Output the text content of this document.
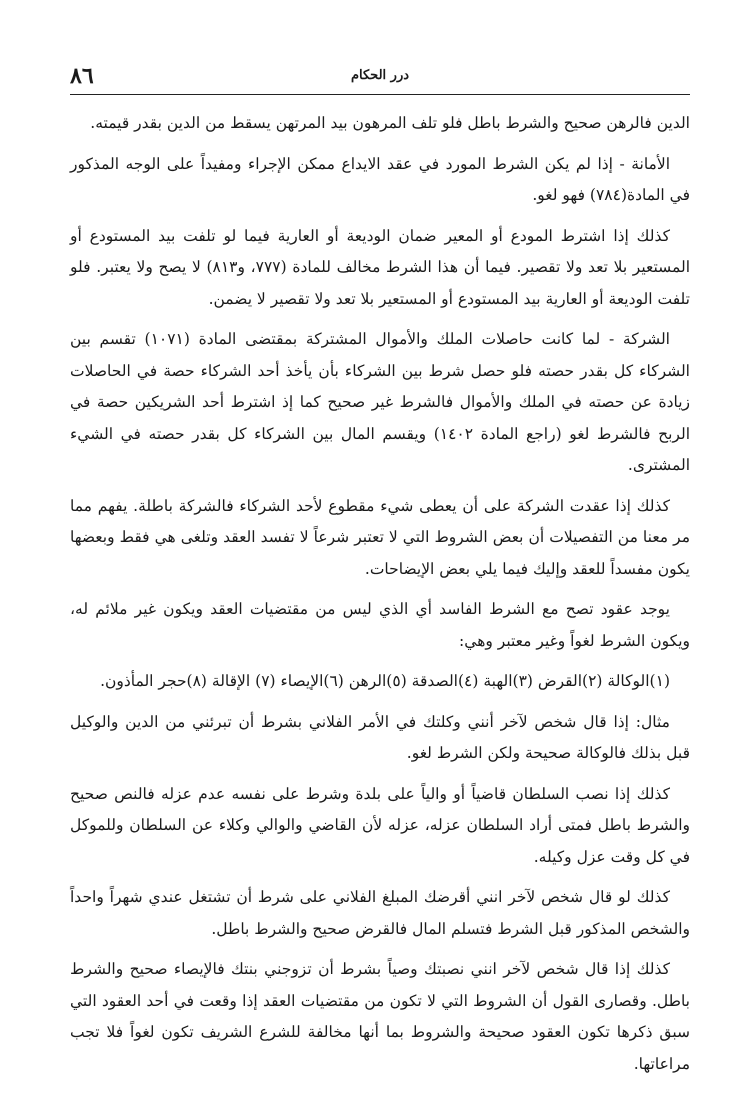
٨٦	درر الحكام

الدين فالرهن صحيح والشرط باطل فلو تلف المرهون بيد المرتهن يسقط من الدين بقدر قيمته.

الأمانة - إذا لم يكن الشرط المورد في عقد الايداع ممكن الإجراء ومفيداً على الوجه المذكور في المادة(٧٨٤) فهو لغو.

كذلك إذا اشترط المودع أو المعير ضمان الوديعة أو العارية فيما لو تلفت بيد المستودع أو المستعير بلا تعد ولا تقصير. فيما أن هذا الشرط مخالف للمادة (٧٧٧، و٨١٣) لا يصح ولا يعتبر. فلو تلفت الوديعة أو العارية بيد المستودع أو المستعير بلا تعد ولا تقصير لا يضمن.

الشركة - لما كانت حاصلات الملك والأموال المشتركة بمقتضى المادة (١٠٧١) تقسم بين الشركاء كل بقدر حصته فلو حصل شرط بين الشركاء بأن يأخذ أحد الشركاء حصة في الحاصلات زيادة عن حصته في الملك والأموال فالشرط غير صحيح كما إذ اشترط أحد الشريكين حصة في الربح فالشرط لغو (راجع المادة ١٤٠٢) ويقسم المال بين الشركاء كل بقدر حصته في الشيء المشترى.

كذلك إذا عقدت الشركة على أن يعطى شيء مقطوع لأحد الشركاء فالشركة باطلة. يفهم مما مر معنا من التفصيلات أن بعض الشروط التي لا تعتبر شرعاً لا تفسد العقد وتلغى هي فقط وبعضها يكون مفسداً للعقد وإليك فيما يلي بعض الإيضاحات.

يوجد عقود تصح مع الشرط الفاسد أي الذي ليس من مقتضيات العقد ويكون غير ملائم له، ويكون الشرط لغواً وغير معتبر وهي:

(١)الوكالة (٢)القرض (٣)الهبة (٤)الصدقة (٥)الرهن (٦)الإيصاء (٧) الإقالة (٨)حجر المأذون.

مثال: إذا قال شخص لآخر أنني وكلتك في الأمر الفلاني بشرط أن تبرئني من الدين والوكيل قبل بذلك فالوكالة صحيحة ولكن الشرط لغو.

كذلك إذا نصب السلطان قاضياً أو والياً على بلدة وشرط على نفسه عدم عزله فالنص صحيح والشرط باطل فمتى أراد السلطان عزله، عزله لأن القاضي والوالي وكلاء عن السلطان وللموكل في كل وقت عزل وكيله.

كذلك لو قال شخص لآخر انني أقرضك المبلغ الفلاني على شرط أن تشتغل عندي شهراً واحداً والشخص المذكور قبل الشرط فتسلم المال فالقرض صحيح والشرط باطل.

كذلك إذا قال شخص لآخر انني نصبتك وصياً بشرط أن تزوجني بنتك فالإيصاء صحيح والشرط باطل. وقصارى القول أن الشروط التي لا تكون من مقتضيات العقد إذا وقعت في أحد العقود التي سبق ذكرها تكون العقود صحيحة والشروط بما أنها مخالفة للشرع الشريف تكون لغواً فلا تجب مراعاتها.
